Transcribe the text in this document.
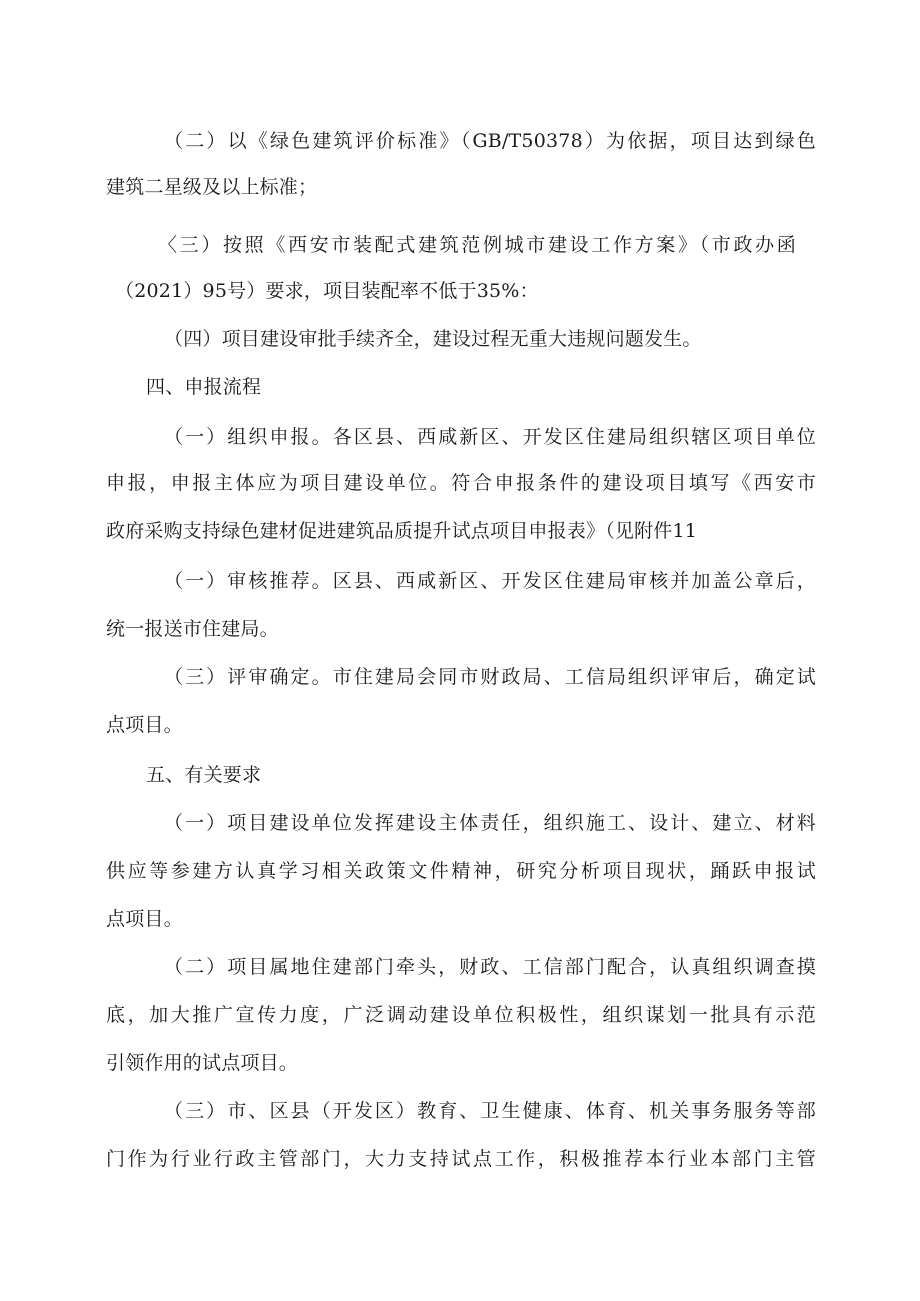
（二）以《绿色建筑评价标准》（GB/T50378）为依据，项目达到绿色
建筑二星级及以上标准；
〈三）按照《西安市装配式建筑范例城市建设工作方案》（市政办函
（2021）95号）要求，项目装配率不低于35%：
（四）项目建设审批手续齐全，建设过程无重大违规问题发生。
四、申报流程
（一）组织申报。各区县、西咸新区、开发区住建局组织辖区项目单位
申报，申报主体应为项目建设单位。符合申报条件的建设项目填写《西安市
政府采购支持绿色建材促进建筑品质提升试点项目申报表》（见附件11
（一）审核推荐。区县、西咸新区、开发区住建局审核并加盖公章后，
统一报送市住建局。
（三）评审确定。市住建局会同市财政局、工信局组织评审后，确定试
点项目。
五、有关要求
（一）项目建设单位发挥建设主体责任，组织施工、设计、建立、材料
供应等参建方认真学习相关政策文件精神，研究分析项目现状，踊跃申报试
点项目。
（二）项目属地住建部门牵头，财政、工信部门配合，认真组织调查摸
底，加大推广宣传力度，广泛调动建设单位积极性，组织谋划一批具有示范
引领作用的试点项目。
（三）市、区县（开发区）教育、卫生健康、体育、机关事务服务等部
门作为行业行政主管部门，大力支持试点工作，积极推荐本行业本部门主管
